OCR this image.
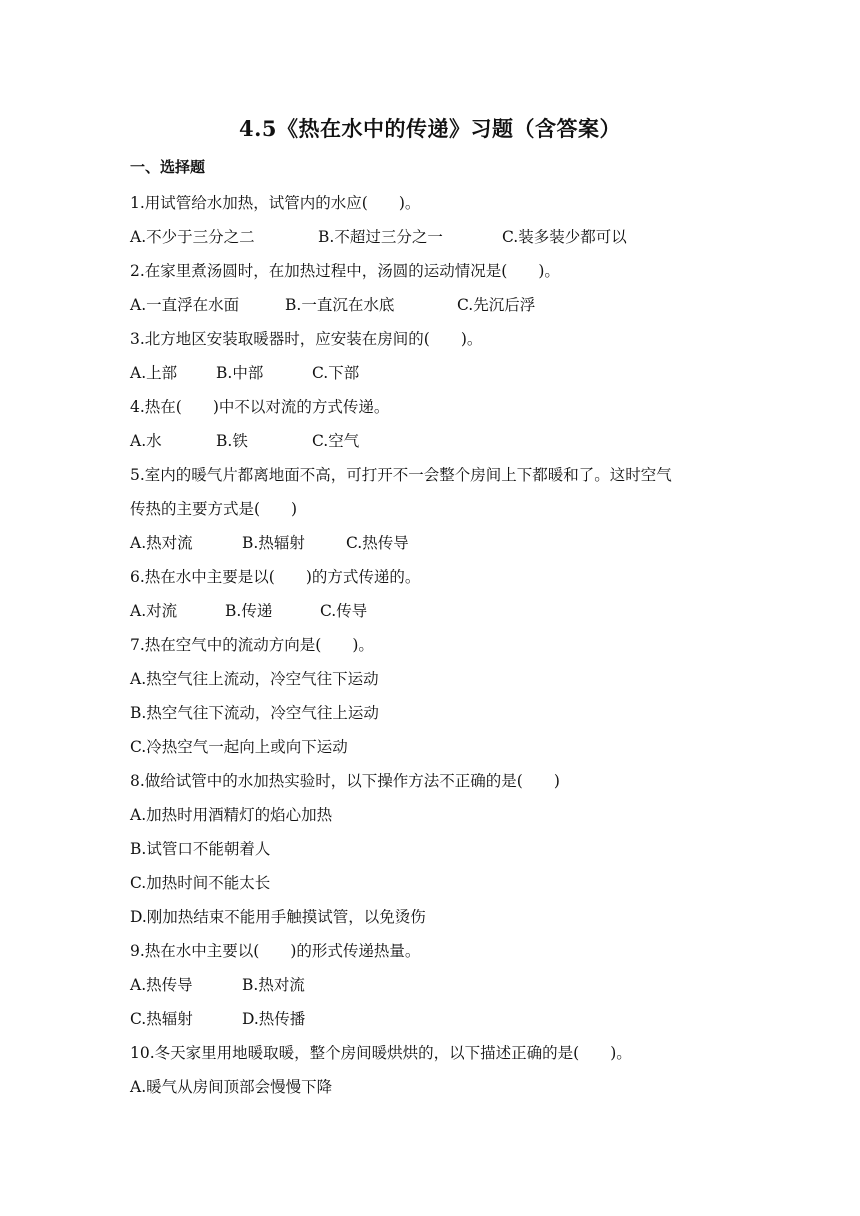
4.5《热在水中的传递》习题（含答案）
一、选择题
1.用试管给水加热，试管内的水应(　　)。
A.不少于三分之二	B.不超过三分之一	C.装多装少都可以
2.在家里煮汤圆时，在加热过程中，汤圆的运动情况是(　　)。
A.一直浮在水面	B.一直沉在水底	C.先沉后浮
3.北方地区安装取暖器时，应安装在房间的(　　)。
A.上部	B.中部	C.下部
4.热在(　　)中不以对流的方式传递。
A.水	B.铁	C.空气
5.室内的暖气片都离地面不高，可打开不一会整个房间上下都暖和了。这时空气
传热的主要方式是(　　)
A.热对流	B.热辐射	C.热传导
6.热在水中主要是以(　　)的方式传递的。
A.对流	B.传递	C.传导
7.热在空气中的流动方向是(　　)。
A.热空气往上流动，冷空气往下运动
B.热空气往下流动，冷空气往上运动
C.冷热空气一起向上或向下运动
8.做给试管中的水加热实验时，以下操作方法不正确的是(　　)
A.加热时用酒精灯的焰心加热
B.试管口不能朝着人
C.加热时间不能太长
D.刚加热结束不能用手触摸试管，以免烫伤
9.热在水中主要以(　　)的形式传递热量。
A.热传导	B.热对流
C.热辐射	D.热传播
10.冬天家里用地暖取暖，整个房间暖烘烘的，以下描述正确的是(　　)。
A.暖气从房间顶部会慢慢下降
